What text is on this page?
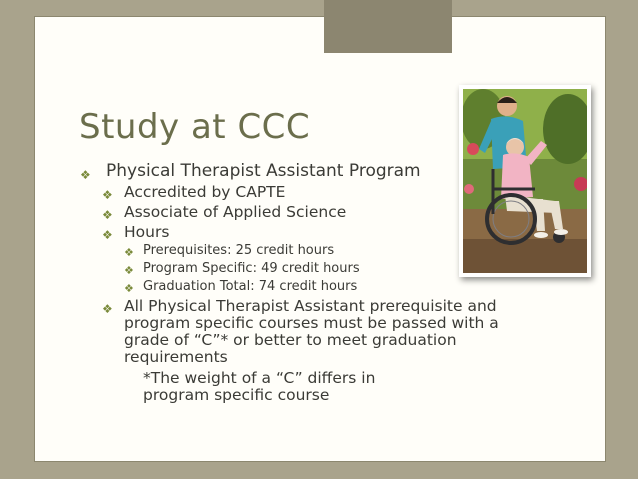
Study at CCC
❖ Physical Therapist Assistant Program
❖ Accredited by CAPTE
❖ Associate of Applied Science
❖ Hours
❖ Prerequisites: 25 credit hours
❖ Program Specific: 49 credit hours
❖ Graduation Total: 74 credit hours
❖ All Physical Therapist Assistant prerequisite and program specific courses must be passed with a grade of “C”* or better to meet graduation requirements
*The weight of a “C” differs in program specific course
